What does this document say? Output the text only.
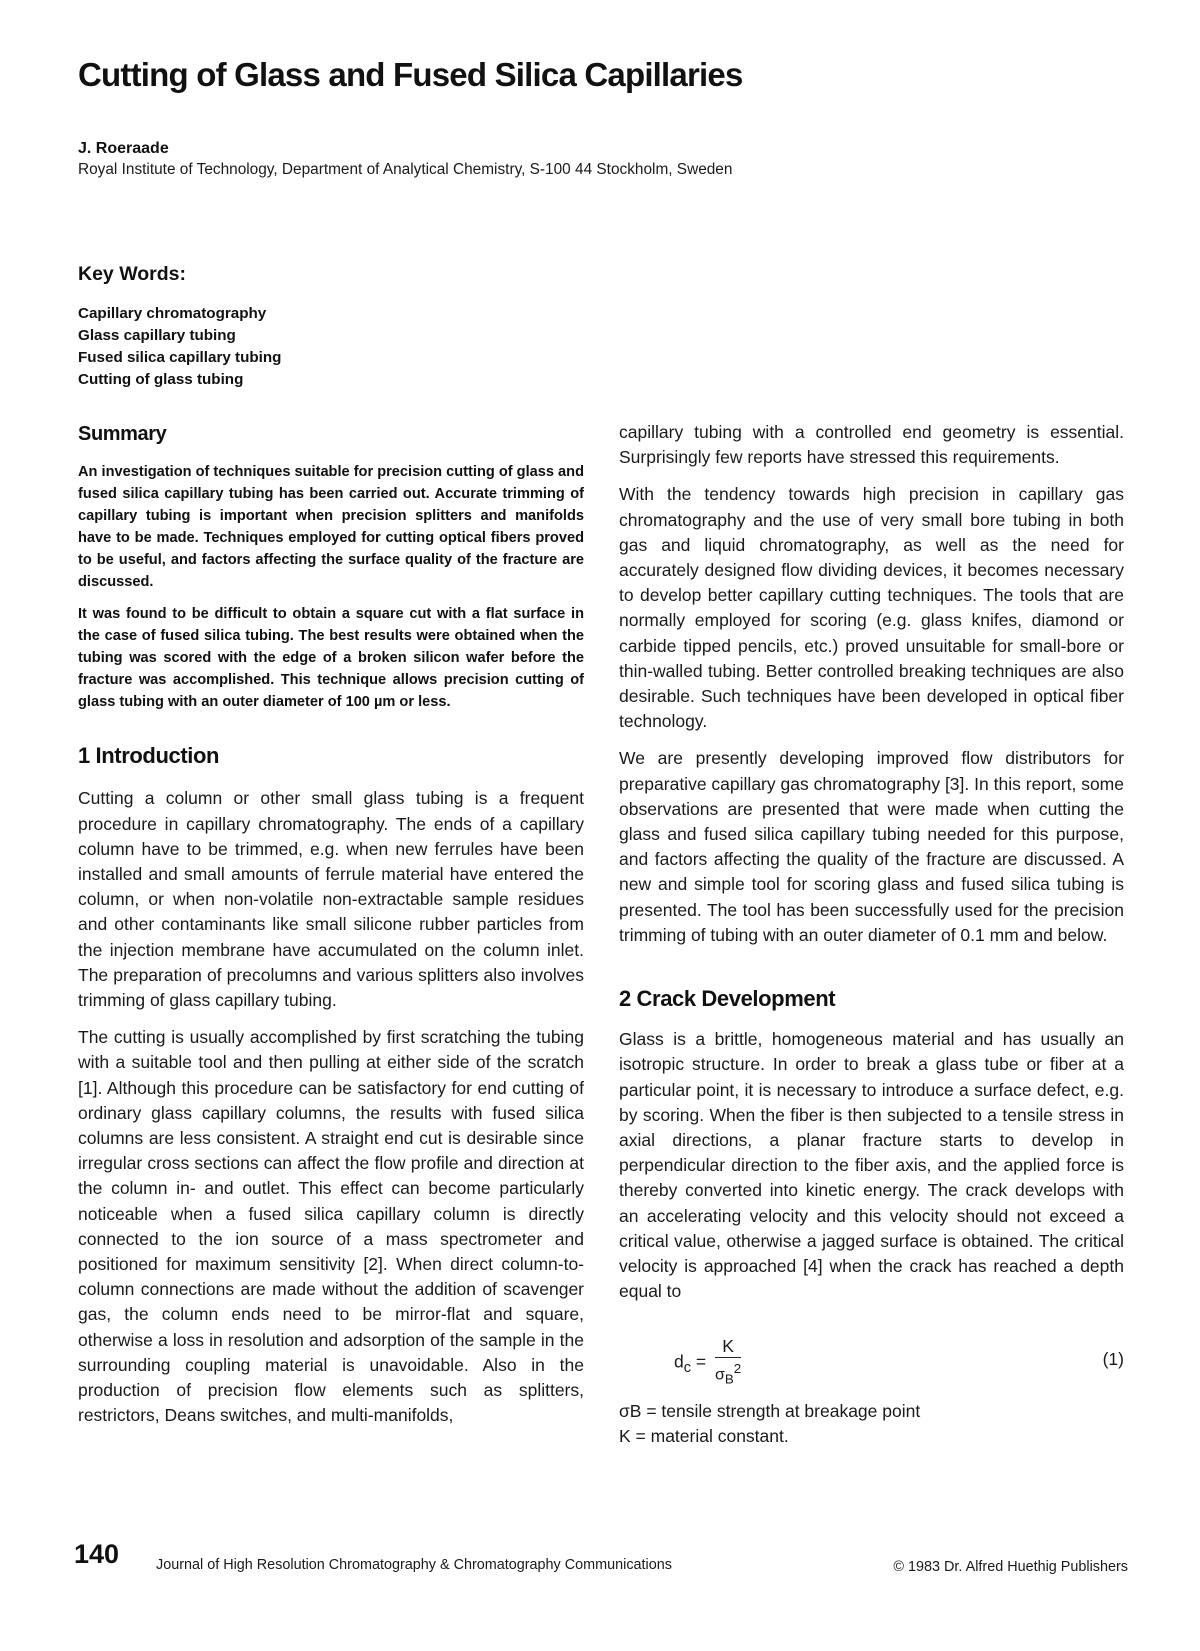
Cutting of Glass and Fused Silica Capillaries
J. Roeraade
Royal Institute of Technology, Department of Analytical Chemistry, S-100 44 Stockholm, Sweden
Key Words:
Capillary chromatography
Glass capillary tubing
Fused silica capillary tubing
Cutting of glass tubing
Summary

An investigation of techniques suitable for precision cutting of glass and fused silica capillary tubing has been carried out. Accurate trimming of capillary tubing is important when precision splitters and manifolds have to be made. Techniques employed for cutting optical fibers proved to be useful, and factors affecting the surface quality of the fracture are discussed.

It was found to be difficult to obtain a square cut with a flat surface in the case of fused silica tubing. The best results were obtained when the tubing was scored with the edge of a broken silicon wafer before the fracture was accomplished. This technique allows precision cutting of glass tubing with an outer diameter of 100 µm or less.

1 Introduction

Cutting a column or other small glass tubing is a frequent procedure in capillary chromatography. The ends of a capillary column have to be trimmed, e.g. when new ferrules have been installed and small amounts of ferrule material have entered the column, or when non-volatile non-extractable sample residues and other contaminants like small silicone rubber particles from the injection membrane have accumulated on the column inlet. The preparation of precolumns and various splitters also involves trimming of glass capillary tubing.

The cutting is usually accomplished by first scratching the tubing with a suitable tool and then pulling at either side of the scratch [1]. Although this procedure can be satisfactory for end cutting of ordinary glass capillary columns, the results with fused silica columns are less consistent. A straight end cut is desirable since irregular cross sections can affect the flow profile and direction at the column in- and outlet. This effect can become particularly noticeable when a fused silica capillary column is directly connected to the ion source of a mass spectrometer and positioned for maximum sensitivity [2]. When direct column-to-column connections are made without the addition of scavenger gas, the column ends need to be mirror-flat and square, otherwise a loss in resolution and adsorption of the sample in the surrounding coupling material is unavoidable. Also in the production of precision flow elements such as splitters, restrictors, Deans switches, and multi-manifolds,

capillary tubing with a controlled end geometry is essential. Surprisingly few reports have stressed this requirements.

With the tendency towards high precision in capillary gas chromatography and the use of very small bore tubing in both gas and liquid chromatography, as well as the need for accurately designed flow dividing devices, it becomes necessary to develop better capillary cutting techniques. The tools that are normally employed for scoring (e.g. glass knifes, diamond or carbide tipped pencils, etc.) proved unsuitable for small-bore or thin-walled tubing. Better controlled breaking techniques are also desirable. Such techniques have been developed in optical fiber technology.

We are presently developing improved flow distributors for preparative capillary gas chromatography [3]. In this report, some observations are presented that were made when cutting the glass and fused silica capillary tubing needed for this purpose, and factors affecting the quality of the fracture are discussed. A new and simple tool for scoring glass and fused silica tubing is presented. The tool has been successfully used for the precision trimming of tubing with an outer diameter of 0.1 mm and below.

2 Crack Development

Glass is a brittle, homogeneous material and has usually an isotropic structure. In order to break a glass tube or fiber at a particular point, it is necessary to introduce a surface defect, e.g. by scoring. When the fiber is then subjected to a tensile stress in axial directions, a planar fracture starts to develop in perpendicular direction to the fiber axis, and the applied force is thereby converted into kinetic energy. The crack develops with an accelerating velocity and this velocity should not exceed a critical value, otherwise a jagged surface is obtained. The critical velocity is approached [4] when the crack has reached a depth equal to

$d_c = \frac{K}{\sigma_B^2}$	(1)
σB = tensile strength at breakage point
K = material constant.
140	Journal of High Resolution Chromatography & Chromatography Communications	© 1983 Dr. Alfred Huethig Publishers
